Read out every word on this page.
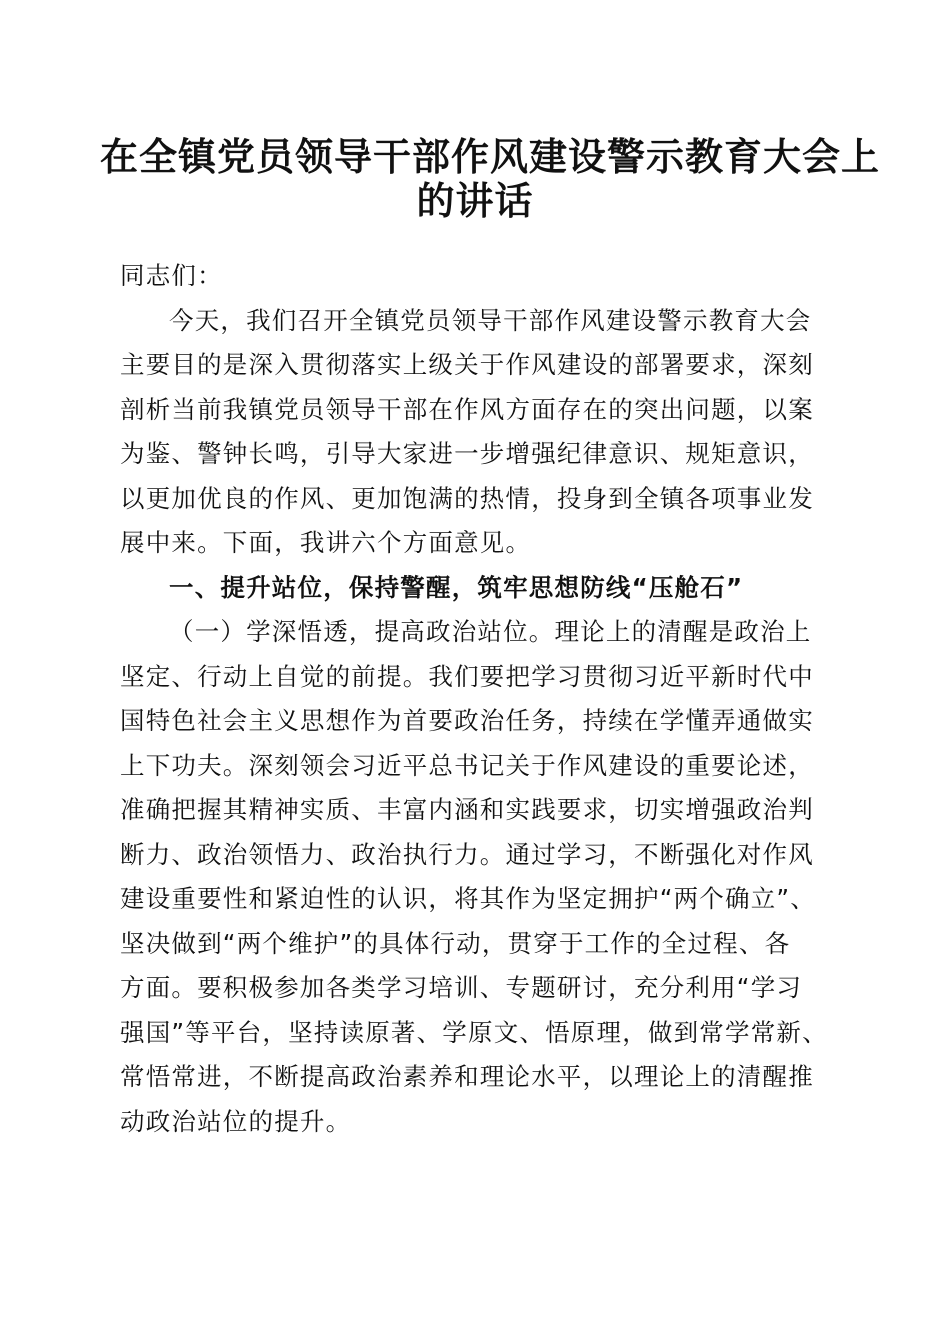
在全镇党员领导干部作风建设警示教育大会上
的讲话
同志们：
今天，我们召开全镇党员领导干部作风建设警示教育大会
主要目的是深入贯彻落实上级关于作风建设的部署要求，深刻
剖析当前我镇党员领导干部在作风方面存在的突出问题，以案
为鉴、警钟长鸣，引导大家进一步增强纪律意识、规矩意识，
以更加优良的作风、更加饱满的热情，投身到全镇各项事业发
展中来。下面，我讲六个方面意见。
一、提升站位，保持警醒，筑牢思想防线“压舱石”
（一）学深悟透，提高政治站位。理论上的清醒是政治上
坚定、行动上自觉的前提。我们要把学习贯彻习近平新时代中
国特色社会主义思想作为首要政治任务，持续在学懂弄通做实
上下功夫。深刻领会习近平总书记关于作风建设的重要论述，
准确把握其精神实质、丰富内涵和实践要求，切实增强政治判
断力、政治领悟力、政治执行力。通过学习，不断强化对作风
建设重要性和紧迫性的认识，将其作为坚定拥护“两个确立”、
坚决做到“两个维护”的具体行动，贯穿于工作的全过程、各
方面。要积极参加各类学习培训、专题研讨，充分利用“学习
强国”等平台，坚持读原著、学原文、悟原理，做到常学常新、
常悟常进，不断提高政治素养和理论水平，以理论上的清醒推
动政治站位的提升。
